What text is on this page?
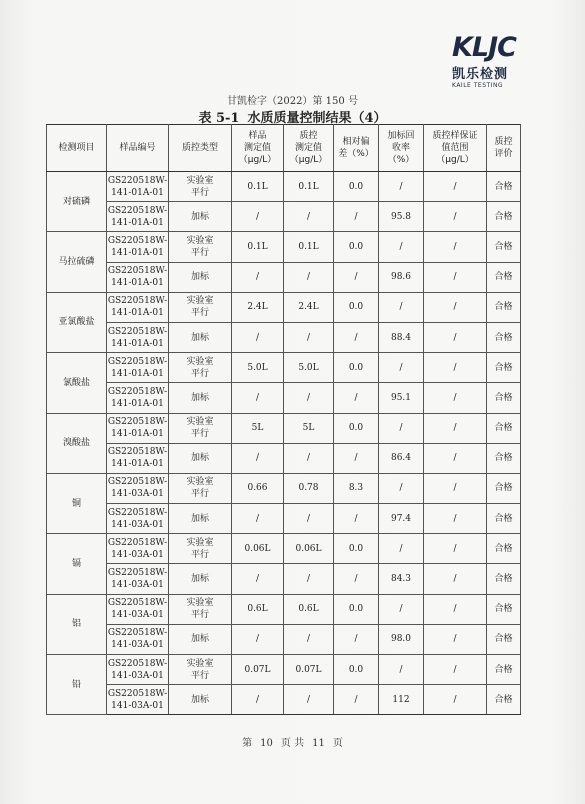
KLJC
凯乐检测
KAILE TESTING
甘凯检字（2022）第 150 号
表 5-1 水质质量控制结果（4）
检测项目	样品编号	质控类型	样品
测定值
（μg/L）	质控
测定值
（μg/L）	相对偏
差（%）	加标回
收率
（%）	质控样保证
值范围
（μg/L）	质控
评价
对硫磷	GS220518W-
141-01A-01	实验室
平行	0.1L	0.1L	0.0	/	/	合格
	GS220518W-
141-01A-01	加标	/	/	/	95.8	/	合格
马拉硫磷	GS220518W-
141-01A-01	实验室
平行	0.1L	0.1L	0.0	/	/	合格
	GS220518W-
141-01A-01	加标	/	/	/	98.6	/	合格
亚氯酸盐	GS220518W-
141-01A-01	实验室
平行	2.4L	2.4L	0.0	/	/	合格
	GS220518W-
141-01A-01	加标	/	/	/	88.4	/	合格
氯酸盐	GS220518W-
141-01A-01	实验室
平行	5.0L	5.0L	0.0	/	/	合格
	GS220518W-
141-01A-01	加标	/	/	/	95.1	/	合格
溴酸盐	GS220518W-
141-01A-01	实验室
平行	5L	5L	0.0	/	/	合格
	GS220518W-
141-01A-01	加标	/	/	/	86.4	/	合格
铜	GS220518W-
141-03A-01	实验室
平行	0.66	0.78	8.3	/	/	合格
	GS220518W-
141-03A-01	加标	/	/	/	97.4	/	合格
镉	GS220518W-
141-03A-01	实验室
平行	0.06L	0.06L	0.0	/	/	合格
	GS220518W-
141-03A-01	加标	/	/	/	84.3	/	合格
铝	GS220518W-
141-03A-01	实验室
平行	0.6L	0.6L	0.0	/	/	合格
	GS220518W-
141-03A-01	加标	/	/	/	98.0	/	合格
铅	GS220518W-
141-03A-01	实验室
平行	0.07L	0.07L	0.0	/	/	合格
	GS220518W-
141-03A-01	加标	/	/	/	112	/	合格
第 10 页 共 11 页
